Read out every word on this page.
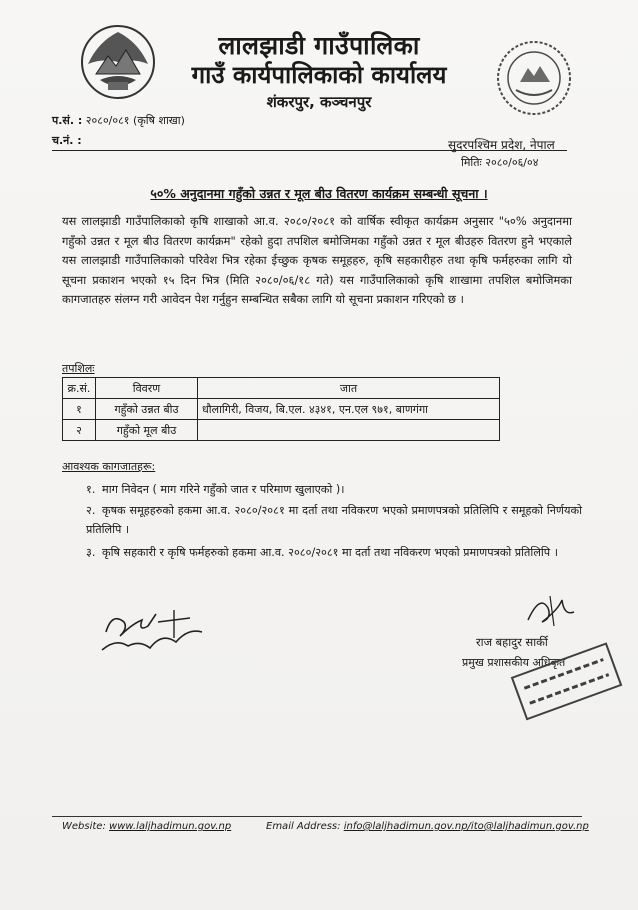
लालझाडी गाउँपालिका
गाउँ कार्यपालिकाको कार्यालय
शंकरपुर, कञ्चनपुर
प.सं. : २०८०/०८१ (कृषि शाखा)
च.नं. :	सुदरपश्चिम प्रदेश, नेपाल
मितिः २०८०/०६/०४
५०% अनुदानमा गहुँको उन्नत र मूल बीउ वितरण कार्यक्रम सम्बन्धी सूचना ।
यस लालझाडी गाउँपालिकाको कृषि शाखाको आ.व. २०८०/२०८१ को वार्षिक स्वीकृत कार्यक्रम अनुसार "५०% अनुदानमा गहुँको उन्नत र मूल बीउ वितरण कार्यक्रम" रहेको हुदा तपशिल बमोजिमका गहुँको उन्नत र मूल बीउहरु वितरण हुने भएकाले यस लालझाडी गाउँपालिकाको परिवेश भित्र रहेका ईच्छुक कृषक समूहहरु, कृषि सहकारीहरु तथा कृषि फर्महरुका लागि यो सूचना प्रकाशन भएको १५ दिन भित्र (मिति २०८०/०६/१८ गते) यस गाउँपालिकाको कृषि शाखामा तपशिल बमोजिमका कागजातहरु संलग्न गरी आवेदन पेश गर्नुहुन सम्बन्धित सबैका लागि यो सूचना प्रकाशन गरिएको छ ।
तपशिलः
क्र.सं.	विवरण	जात
१	गहुँको उन्नत बीउ	धौलागिरी, विजय, बि.एल. ४३४१, एन.एल ९७१, बाणगंगा
२	गहुँको मूल बीउ	
आवश्यक कागजातहरू:
१. माग निवेदन ( माग गरिने गहुँको जात र परिमाण खुलाएको )।
२. कृषक समूहहरुको हकमा आ.व. २०८०/२०८१ मा दर्ता तथा नविकरण भएको प्रमाणपत्रको प्रतिलिपि र समूहको निर्णयको प्रतिलिपि ।
३. कृषि सहकारी र कृषि फर्महरुको हकमा आ.व. २०८०/२०८१ मा दर्ता तथा नविकरण भएको प्रमाणपत्रको प्रतिलिपि ।
राज बहादुर सार्की
प्रमुख प्रशासकीय अधिकृत
Website: www.laljhadimun.gov.np	Email Address: info@laljhadimun.gov.np/ito@laljhadimun.gov.np
